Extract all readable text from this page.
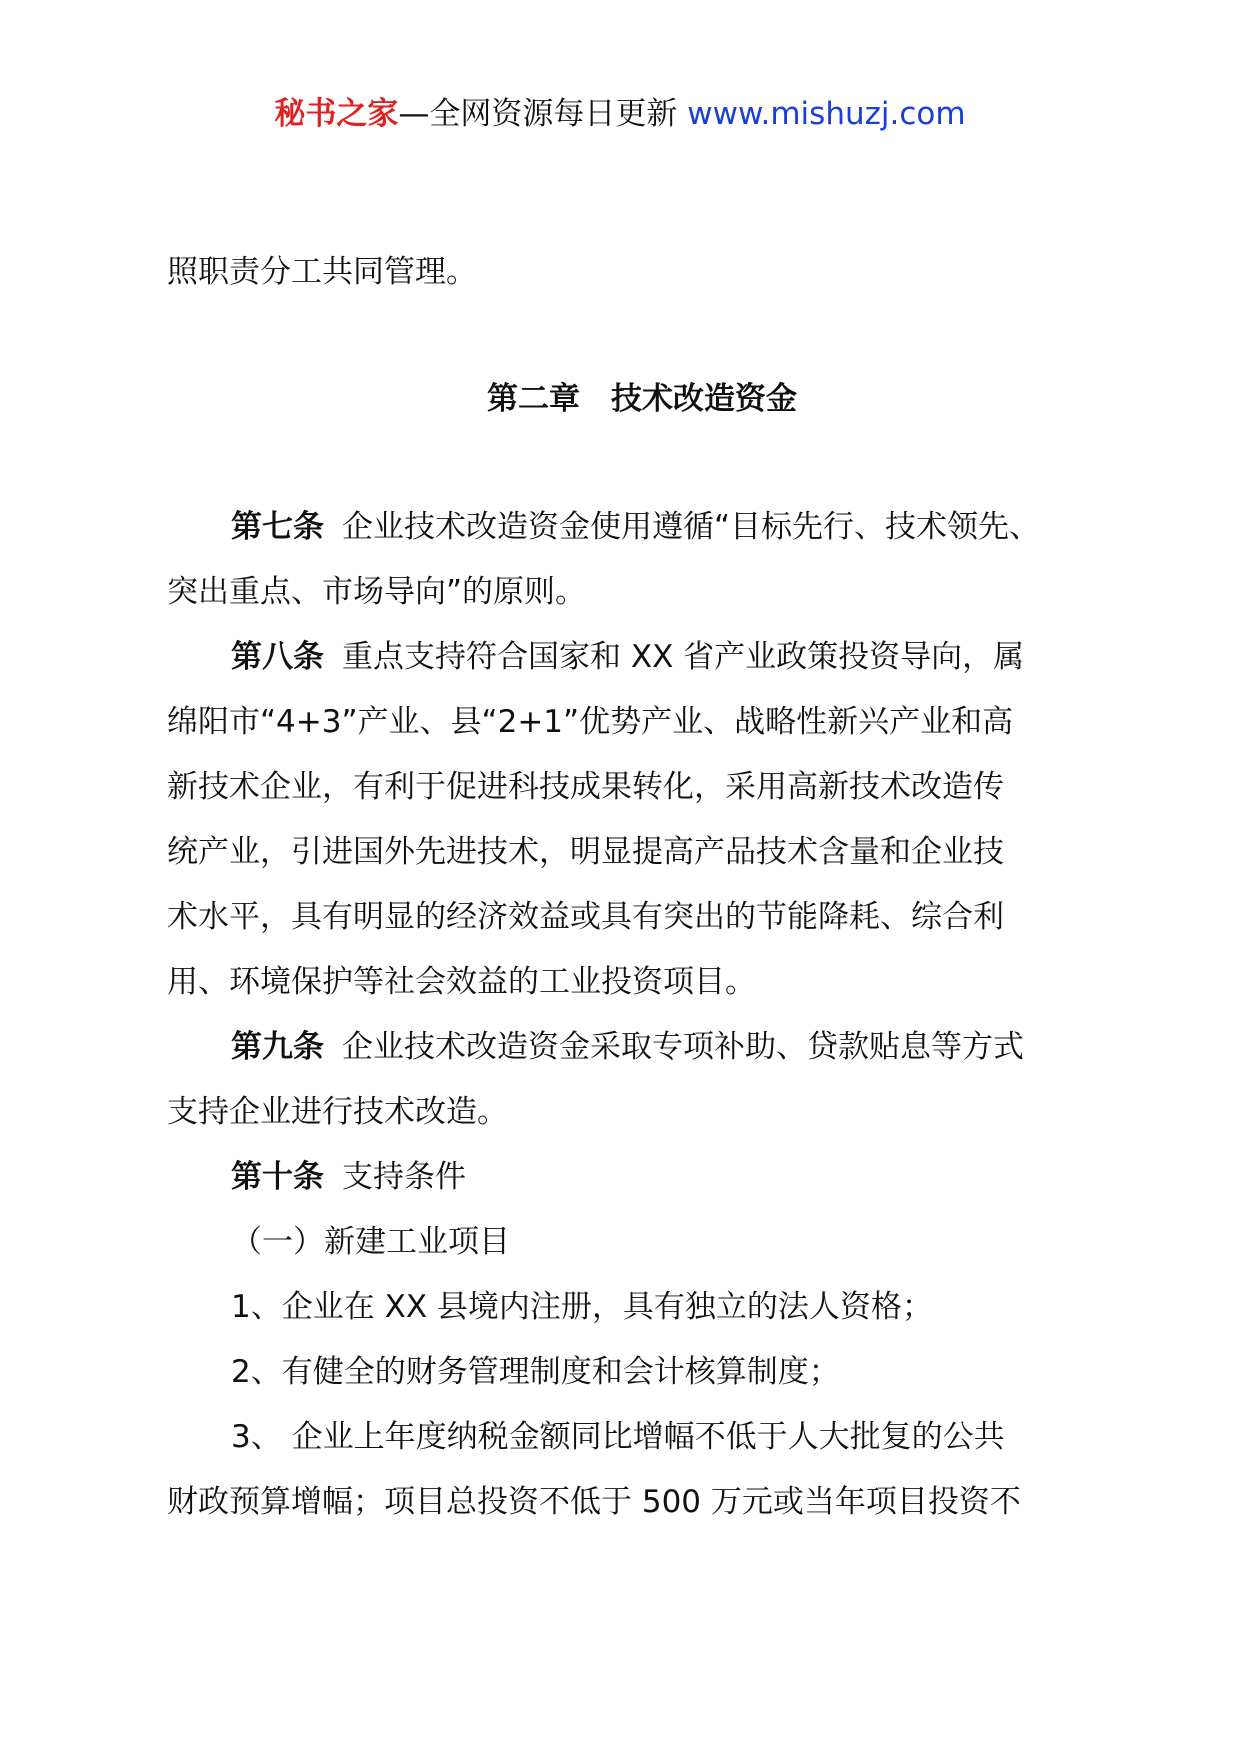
秘书之家—全网资源每日更新 www.mishuzj.com
照职责分工共同管理。
第二章　技术改造资金
第七条 企业技术改造资金使用遵循“目标先行、技术领先、
突出重点、市场导向”的原则。
第八条 重点支持符合国家和 XX 省产业政策投资导向，属
绵阳市“4+3”产业、县“2+1”优势产业、战略性新兴产业和高
新技术企业，有利于促进科技成果转化，采用高新技术改造传
统产业，引进国外先进技术，明显提高产品技术含量和企业技
术水平，具有明显的经济效益或具有突出的节能降耗、综合利
用、环境保护等社会效益的工业投资项目。
第九条 企业技术改造资金采取专项补助、贷款贴息等方式
支持企业进行技术改造。
第十条 支持条件
（一）新建工业项目
1、企业在 XX 县境内注册，具有独立的法人资格；
2、有健全的财务管理制度和会计核算制度；
3、 企业上年度纳税金额同比增幅不低于人大批复的公共
财政预算增幅；项目总投资不低于 500 万元或当年项目投资不
